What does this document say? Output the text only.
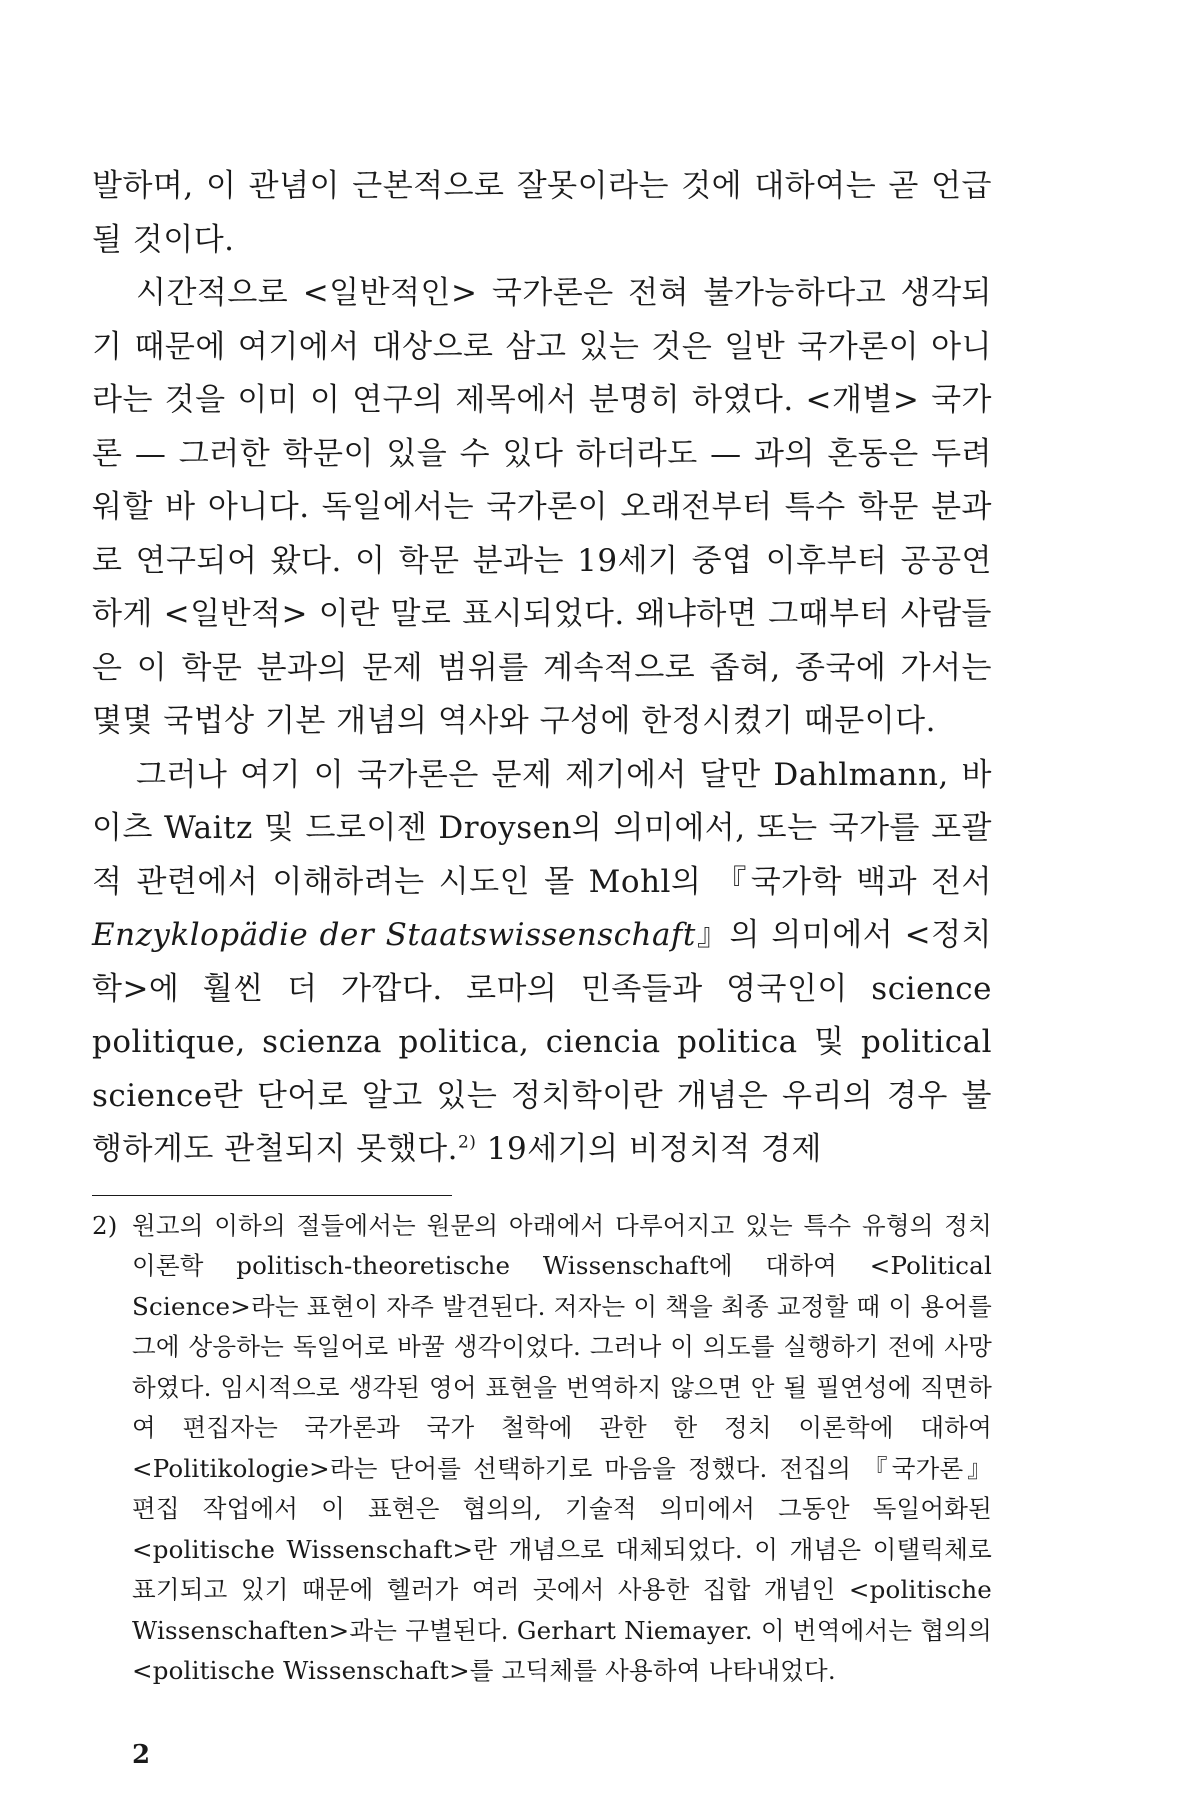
발하며, 이 관념이 근본적으로 잘못이라는 것에 대하여는 곧 언급될 것이다.

시간적으로 <일반적인> 국가론은 전혀 불가능하다고 생각되기 때문에 여기에서 대상으로 삼고 있는 것은 일반 국가론이 아니라는 것을 이미 이 연구의 제목에서 분명히 하였다. <개별> 국가론 — 그러한 학문이 있을 수 있다 하더라도 — 과의 혼동은 두려워할 바 아니다. 독일에서는 국가론이 오래전부터 특수 학문 분과로 연구되어 왔다. 이 학문 분과는 19세기 중엽 이후부터 공공연하게 <일반적> 이란 말로 표시되었다. 왜냐하면 그때부터 사람들은 이 학문 분과의 문제 범위를 계속적으로 좁혀, 종국에 가서는 몇몇 국법상 기본 개념의 역사와 구성에 한정시켰기 때문이다.

그러나 여기 이 국가론은 문제 제기에서 달만 Dahlmann, 바이츠 Waitz 및 드로이젠 Droysen의 의미에서, 또는 국가를 포괄적 관련에서 이해하려는 시도인 몰 Mohl의 『국가학 백과 전서 Enzyklopädie der Staatswissenschaft』의 의미에서 <정치학>에 훨씬 더 가깝다. 로마의 민족들과 영국인이 science politique, scienza politica, ciencia politica 및 political science란 단어로 알고 있는 정치학이란 개념은 우리의 경우 불행하게도 관철되지 못했다.$^{2)}$ 19세기의 비정치적 경제

2) 원고의 이하의 절들에서는 원문의 아래에서 다루어지고 있는 특수 유형의 정치 이론학 politisch-theoretische Wissenschaft에 대하여 <Political Science>라는 표현이 자주 발견된다. 저자는 이 책을 최종 교정할 때 이 용어를 그에 상응하는 독일어로 바꿀 생각이었다. 그러나 이 의도를 실행하기 전에 사망하였다. 임시적으로 생각된 영어 표현을 번역하지 않으면 안 될 필연성에 직면하여 편집자는 국가론과 국가 철학에 관한 한 정치 이론학에 대하여 <Politikologie>라는 단어를 선택하기로 마음을 정했다. 전집의 『국가론』 편집 작업에서 이 표현은 협의의, 기술적 의미에서 그동안 독일어화된 <politische Wissenschaft>란 개념으로 대체되었다. 이 개념은 이탤릭체로 표기되고 있기 때문에 헬러가 여러 곳에서 사용한 집합 개념인 <politische Wissenschaften>과는 구별된다. Gerhart Niemayer. 이 번역에서는 협의의 <politische Wissenschaft>를 고딕체를 사용하여 나타내었다.
2
